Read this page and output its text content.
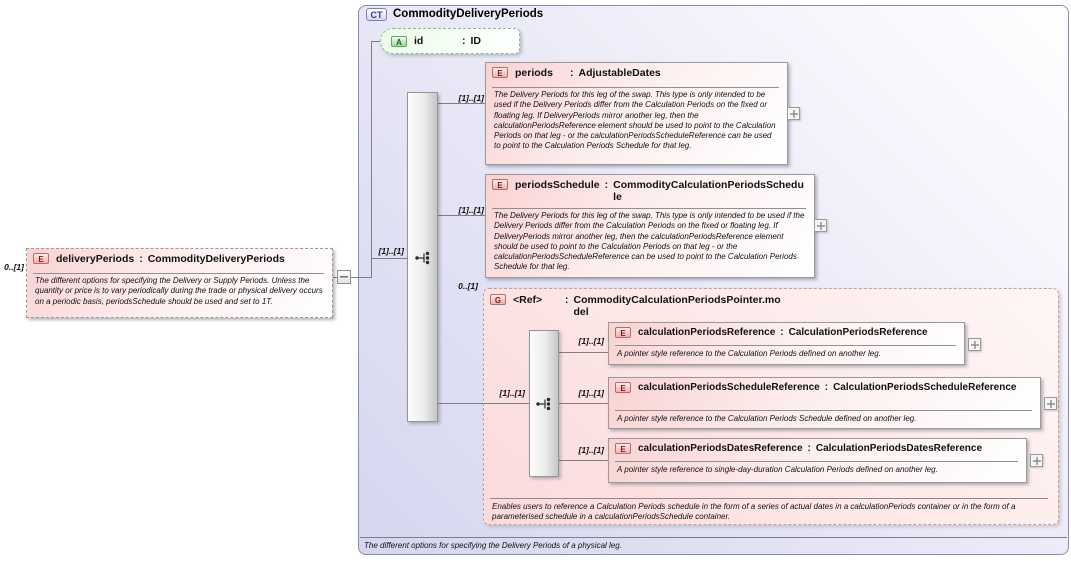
CT CommodityDeliveryPeriods
The different options for specifying the Delivery Periods of a physical leg.
G	<Ref>	: CommodityCalculationPeriodsPointer.model
Enables users to reference a Calculation Periods schedule in the form of a series of actual dates in a calculationPeriods container or in the form of a parameterised schedule in a calculationPeriodsSchedule container.
0..[1]
[1]..[1]
[1]..[1]
[1]..[1]
0..[1]
[1]..[1]
[1]..[1]
[1]..[1]
[1]..[1]
A	id	: ID
E	deliveryPeriods : CommodityDeliveryPeriods
The different options for specifying the Delivery or Supply Periods. Unless the quantity or price is to vary periodically during the trade or physical delivery occurs on a periodic basis, periodsSchedule should be used and set to 1T.
E	periods	: AdjustableDates
The Delivery Periods for this leg of the swap. This type is only intended to be used if the Delivery Periods differ from the Calculation Periods on the fixed or floating leg. If DeliveryPeriods mirror another leg, then the calculationPeriodsReference element should be used to point to the Calculation Periods on that leg - or the calculationPeriodsScheduleReference can be used to point to the Calculation Periods Schedule for that leg.
E	periodsSchedule : CommodityCalculationPeriodsSchedule
The Delivery Periods for this leg of the swap. This type is only intended to be used if the Delivery Periods differ from the Calculation Periods on the fixed or floating leg. If DeliveryPeriods mirror another leg, then the calculationPeriodsReference element should be used to point to the Calculation Periods on that leg - or the calculationPeriodsScheduleReference can be used to point to the Calculation Periods Schedule for that leg.
E	calculationPeriodsReference : CalculationPeriodsReference
A pointer style reference to the Calculation Periods defined on another leg.
E	calculationPeriodsScheduleReference : CalculationPeriodsScheduleReference
A pointer style reference to the Calculation Periods Schedule defined on another leg.
E	calculationPeriodsDatesReference : CalculationPeriodsDatesReference
A pointer style reference to single-day-duration Calculation Periods defined on another leg.
